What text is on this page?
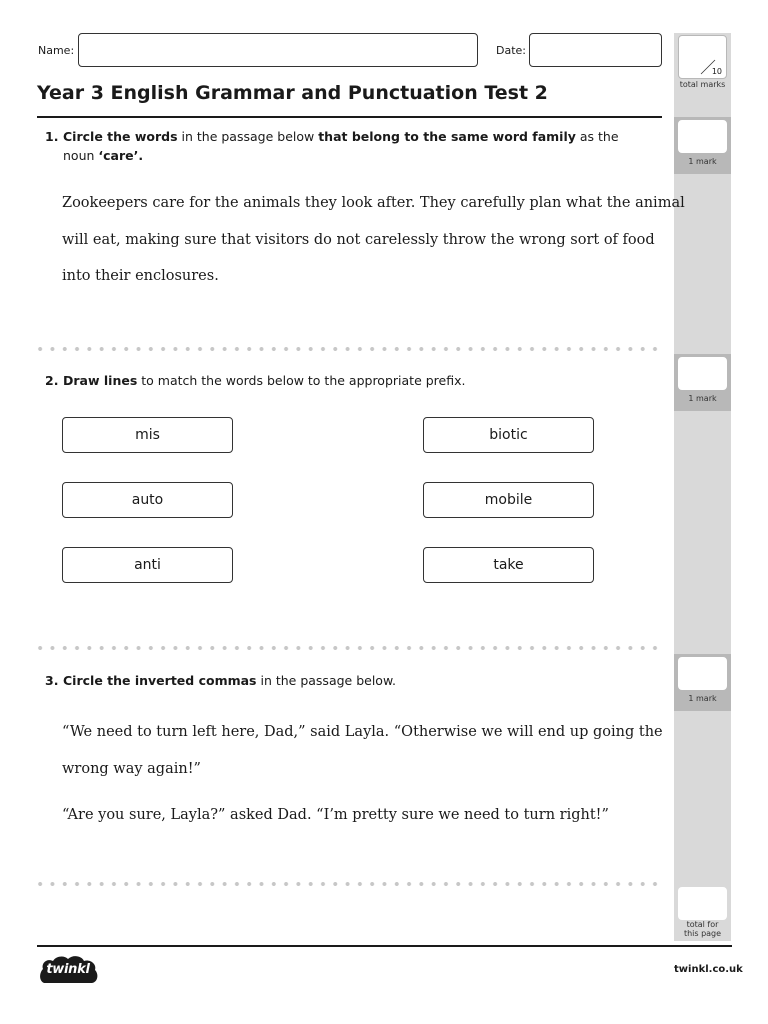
Name:	Date:
Year 3 English Grammar and Punctuation Test 2
10
total marks
1 mark
1 mark
1 mark
total for
this page
1. Circle the words in the passage below that belong to the same word family as the
noun ‘care’.
Zookeepers care for the animals they look after. They carefully plan what the animal
will eat, making sure that visitors do not carelessly throw the wrong sort of food
into their enclosures.
2. Draw lines to match the words below to the appropriate prefix.
mis
auto
anti
biotic
mobile
take
3. Circle the inverted commas in the passage below.
“We need to turn left here, Dad,” said Layla. “Otherwise we will end up going the
wrong way again!”
“Are you sure, Layla?” asked Dad. “I’m pretty sure we need to turn right!”
twinkl	twinkl.co.uk
